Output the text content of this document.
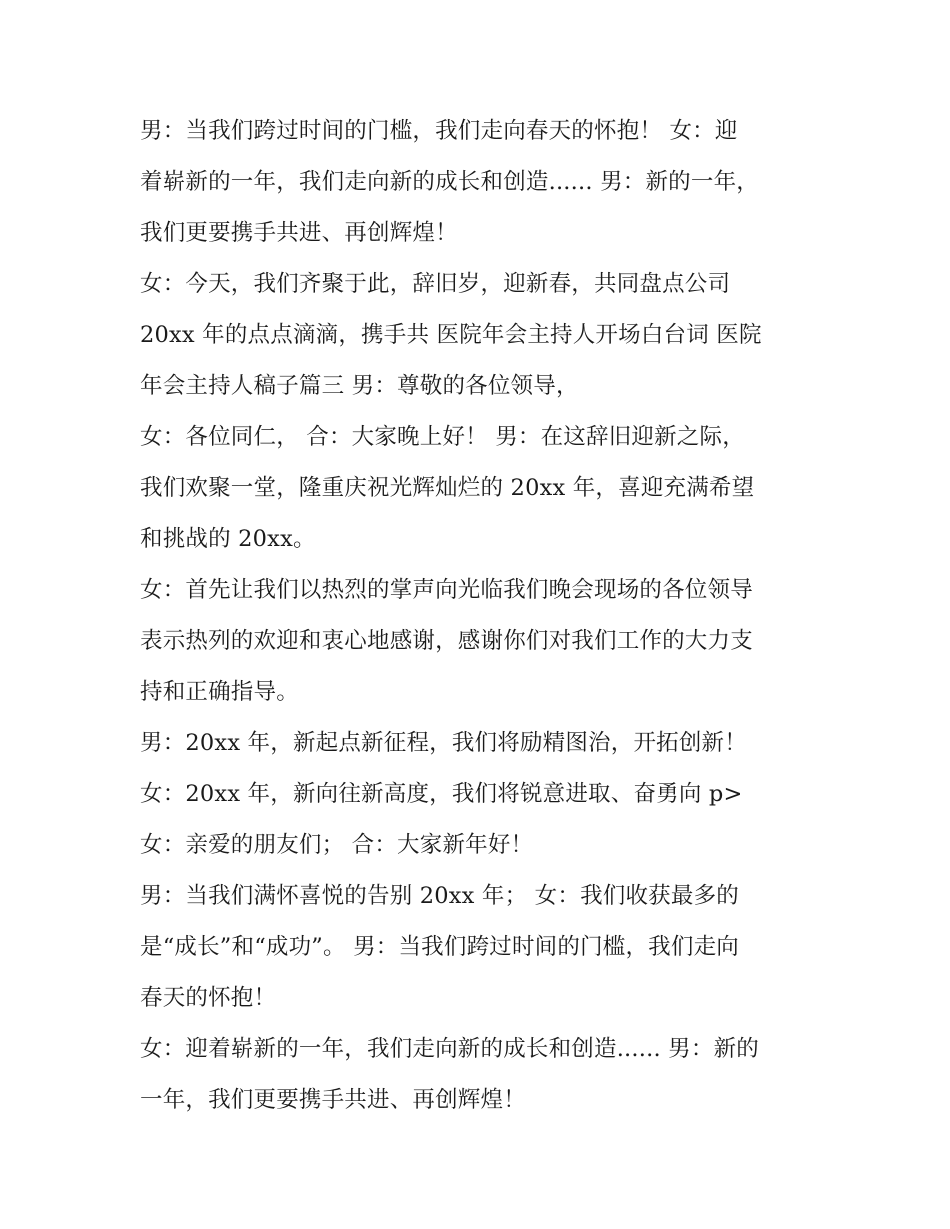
男：当我们跨过时间的门槛，我们走向春天的怀抱！ 女：迎
着崭新的一年，我们走向新的成长和创造...... 男：新的一年，
我们更要携手共进、再创辉煌！
女：今天，我们齐聚于此，辞旧岁，迎新春，共同盘点公司
20xx 年的点点滴滴，携手共 医院年会主持人开场白台词 医院
年会主持人稿子篇三 男：尊敬的各位领导，
女：各位同仁， 合：大家晚上好！ 男：在这辞旧迎新之际，
我们欢聚一堂，隆重庆祝光辉灿烂的 20xx 年，喜迎充满希望
和挑战的 20xx。
女：首先让我们以热烈的掌声向光临我们晚会现场的各位领导
表示热列的欢迎和衷心地感谢，感谢你们对我们工作的大力支
持和正确指导。
男：20xx 年，新起点新征程，我们将励精图治，开拓创新！
女：20xx 年，新向往新高度，我们将锐意进取、奋勇向 p>
女：亲爱的朋友们； 合：大家新年好！
男：当我们满怀喜悦的告别 20xx 年； 女：我们收获最多的
是“成长”和“成功”。 男：当我们跨过时间的门槛，我们走向
春天的怀抱！
女：迎着崭新的一年，我们走向新的成长和创造...... 男：新的
一年，我们更要携手共进、再创辉煌！
